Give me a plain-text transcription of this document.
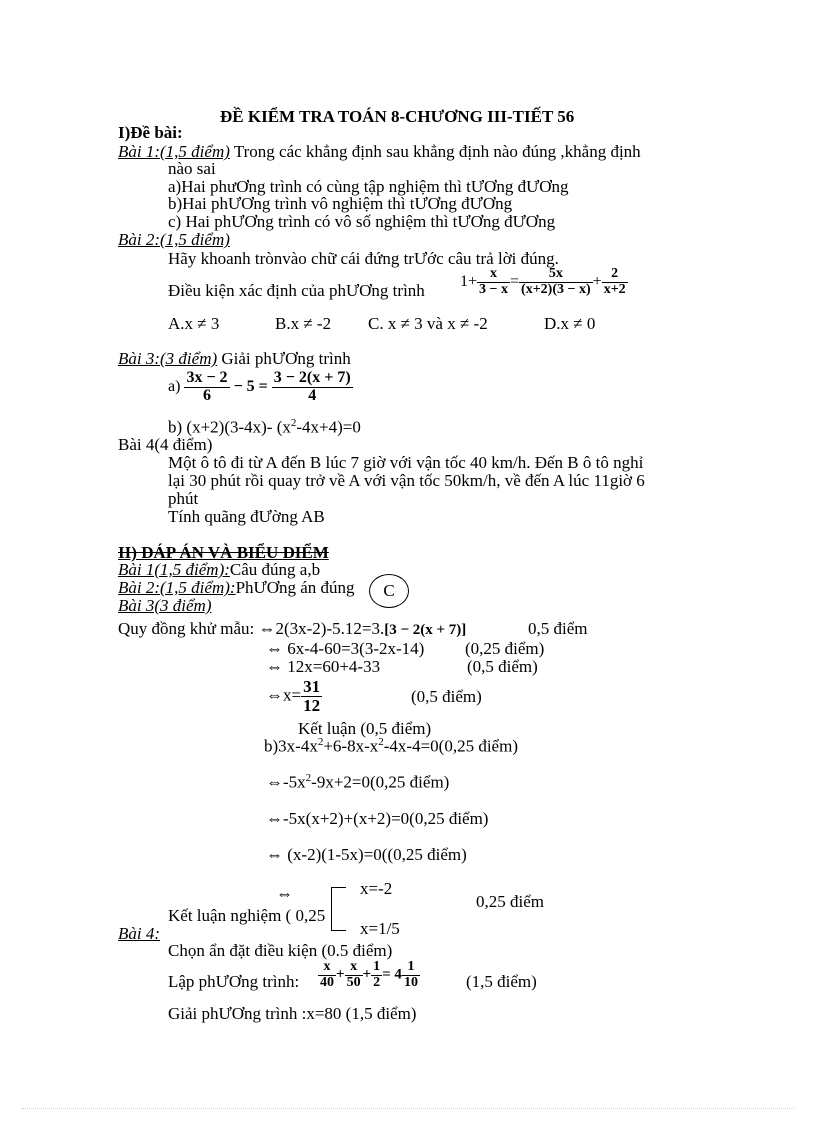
ĐỀ KIỂM TRA TOÁN 8-CHƯƠNG III-TIẾT 56
I)Đề bài:
Bài 1:(1,5 điểm) Trong các khẳng định sau khẳng định nào đúng ,khẳng định
nào sai
a)Hai phưƠng trình có cùng tập nghiệm thì tƯƠng đƯƠng
b)Hai phƯƠng trình vô nghiệm thì tƯƠng đƯƠng
c) Hai phƯƠng trình có vô số nghiệm thì tƯƠng đƯƠng
Bài 2:(1,5 điểm)
Hãy khoanh trònvào chữ cái đứng trƯớc câu trả lời đúng.
Điều kiện xác định của phƯƠng trình $1+ \frac{x}{3 - x} = \frac{5x}{(x+2)(3 - x)} + \frac{2}{x+2}$
A.x ≠ 3	B.x ≠ -2 C. x ≠ 3 và x ≠ -2	D.x ≠ 0
Bài 3:(3 điểm) Giải phƯƠng trình
$a) \frac{3x - 2}{6} - 5 = \frac{3 - 2(x + 7)}{4}$
b) (x+2)(3-4x)- $(x^2-4x+4)=0$
Bài 4(4 điểm)
Một ô tô đi từ A đến B lúc 7 giờ với vận tốc 40 km/h. Đến B ô tô nghỉ
lại 30 phút rồi quay trở về A với vận tốc 50km/h, về đến A lúc 11giờ 6
phút
Tính quãng đƯờng AB
II) ĐÁP ÁN VÀ BIỂU ĐIỂM
Bài 1(1,5 điểm):Câu đúng a,b
Bài 2:(1,5 điểm):PhƯƠng án đúng C
Bài 3(3 điểm)
Quy đồng khử mẫu: ⇔2(3x-2)-5.12=3.[3 − 2(x + 7)]	0,5 điểm
⇔ 6x-4-60=3(3-2x-14) (0,25 điểm)
⇔ 12x=60+4-33	(0,5 điểm)
⇔x= $\frac{31}{12}$	(0,5 điểm)
Kết luận (0,5 điểm)
$b)3x-4x^2+6-8x-x^2-4x-4=0(0,25$ điểm)
$\Leftrightarrow-5x^2-9x+2=0(0,25$ điểm)
⇔-5x(x+2)+(x+2)=0(0,25 điểm)
⇔ (x-2)(1-5x)=0((0,25 điểm)
⇔	x=-2
x=1/5
0,25 điểm
Kết luận nghiệm ( 0,25
Bài 4:
Chọn ẩn đặt điều kiện (0.5 điểm)
Lập phƯƠng trình: $\frac{x}{40} + \frac{x}{50} + \frac{1}{2} = 4 \frac{1}{10}$	(1,5 điểm)
Giải phƯƠng trình :x=80 (1,5 điểm)
